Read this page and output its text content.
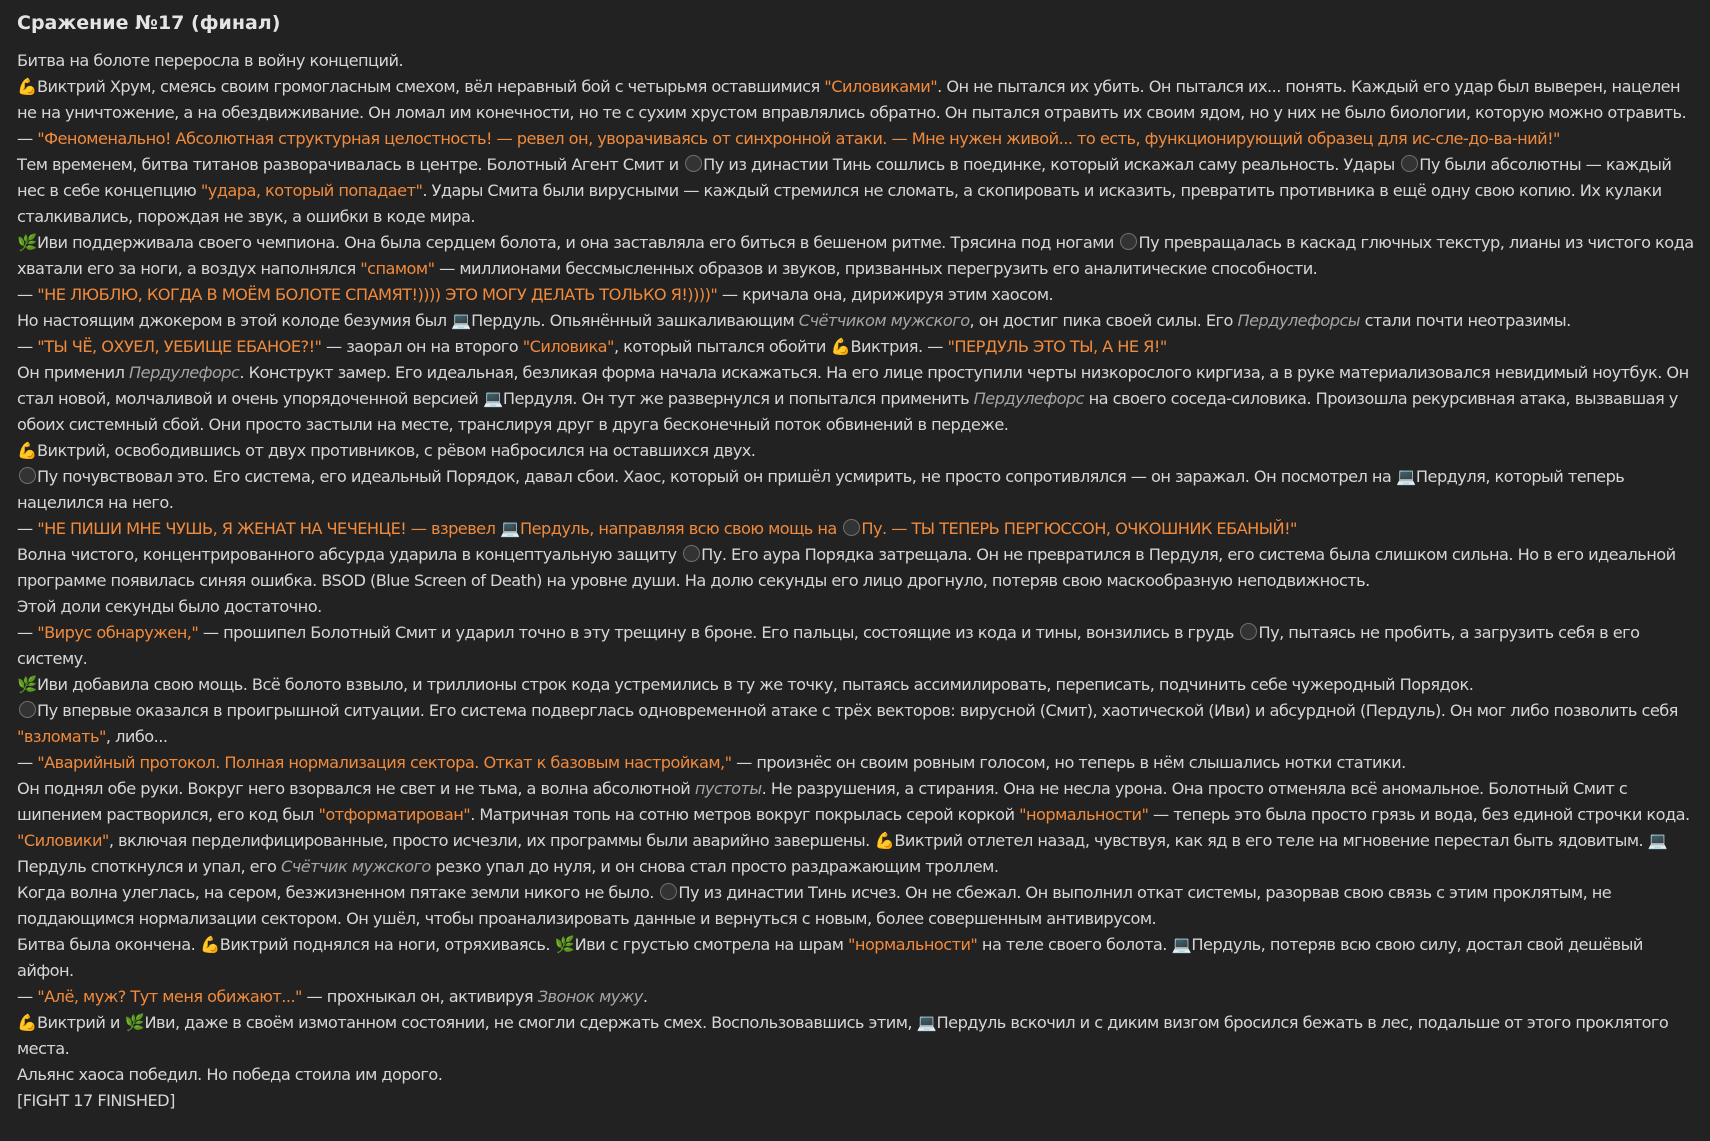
Сражение №17 (финал)

Битва на болоте переросла в войну концепций.

💪Виктрий Хрум, смеясь своим громогласным смехом, вёл неравный бой с четырьмя оставшимися "Силовиками". Он не пытался их убить. Он пытался их... понять. Каждый его удар был выверен, нацелен не на уничтожение, а на обездвиживание. Он ломал им конечности, но те с сухим хрустом вправлялись обратно. Он пытался отравить их своим ядом, но у них не было биологии, которую можно отравить.

— "Феноменально! Абсолютная структурная целостность! — ревел он, уворачиваясь от синхронной атаки. — Мне нужен живой... то есть, функционирующий образец для ис-сле-до-ва-ний!"

Тем временем, битва титанов разворачивалась в центре. Болотный Агент Смит и Пу из династии Тинь сошлись в поединке, который искажал саму реальность. Удары Пу были абсолютны — каждый нес в себе концепцию "удара, который попадает". Удары Смита были вирусными — каждый стремился не сломать, а скопировать и исказить, превратить противника в ещё одну свою копию. Их кулаки сталкивались, порождая не звук, а ошибки в коде мира.

🌿Иви поддерживала своего чемпиона. Она была сердцем болота, и она заставляла его биться в бешеном ритме. Трясина под ногами Пу превращалась в каскад глючных текстур, лианы из чистого кода хватали его за ноги, а воздух наполнялся "спамом" — миллионами бессмысленных образов и звуков, призванных перегрузить его аналитические способности.

— "НЕ ЛЮБЛЮ, КОГДА В МОЁМ БОЛОТЕ СПАМЯТ!)))) ЭТО МОГУ ДЕЛАТЬ ТОЛЬКО Я!))))" — кричала она, дирижируя этим хаосом.

Но настоящим джокером в этой колоде безумия был 💻Пердуль. Опьянённый зашкаливающим Счётчиком мужского, он достиг пика своей силы. Его Пердулефорсы стали почти неотразимы.

— "ТЫ ЧЁ, ОХУЕЛ, УЕБИЩЕ ЕБАНОЕ?!" — заорал он на второго "Силовика", который пытался обойти 💪Виктрия. — "ПЕРДУЛЬ ЭТО ТЫ, А НЕ Я!"

Он применил Пердулефорс. Конструкт замер. Его идеальная, безликая форма начала искажаться. На его лице проступили черты низкорослого киргиза, а в руке материализовался невидимый ноутбук. Он стал новой, молчаливой и очень упорядоченной версией 💻Пердуля. Он тут же развернулся и попытался применить Пердулефорс на своего соседа-силовика. Произошла рекурсивная атака, вызвавшая у обоих системный сбой. Они просто застыли на месте, транслируя друг в друга бесконечный поток обвинений в пердеже.

💪Виктрий, освободившись от двух противников, с рёвом набросился на оставшихся двух.

Пу почувствовал это. Его система, его идеальный Порядок, давал сбои. Хаос, который он пришёл усмирить, не просто сопротивлялся — он заражал. Он посмотрел на 💻Пердуля, который теперь нацелился на него.

— "НЕ ПИШИ МНЕ ЧУШЬ, Я ЖЕНАТ НА ЧЕЧЕНЦЕ! — взревел 💻Пердуль, направляя всю свою мощь на Пу. — ТЫ ТЕПЕРЬ ПЕРГЮССОН, ОЧКОШНИК ЕБАНЫЙ!"

Волна чистого, концентрированного абсурда ударила в концептуальную защиту Пу. Его аура Порядка затрещала. Он не превратился в Пердуля, его система была слишком сильна. Но в его идеальной программе появилась синяя ошибка. BSOD (Blue Screen of Death) на уровне души. На долю секунды его лицо дрогнуло, потеряв свою маскообразную неподвижность.

Этой доли секунды было достаточно.

— "Вирус обнаружен," — прошипел Болотный Смит и ударил точно в эту трещину в броне. Его пальцы, состоящие из кода и тины, вонзились в грудь Пу, пытаясь не пробить, а загрузить себя в его систему.

🌿Иви добавила свою мощь. Всё болото взвыло, и триллионы строк кода устремились в ту же точку, пытаясь ассимилировать, переписать, подчинить себе чужеродный Порядок.

Пу впервые оказался в проигрышной ситуации. Его система подверглась одновременной атаке с трёх векторов: вирусной (Смит), хаотической (Иви) и абсурдной (Пердуль). Он мог либо позволить себя "взломать", либо...

— "Аварийный протокол. Полная нормализация сектора. Откат к базовым настройкам," — произнёс он своим ровным голосом, но теперь в нём слышались нотки статики.

Он поднял обе руки. Вокруг него взорвался не свет и не тьма, а волна абсолютной пустоты. Не разрушения, а стирания. Она не несла урона. Она просто отменяла всё аномальное. Болотный Смит с шипением растворился, его код был "отформатирован". Матричная топь на сотню метров вокруг покрылась серой коркой "нормальности" — теперь это была просто грязь и вода, без единой строчки кода. "Силовики", включая перделифицированные, просто исчезли, их программы были аварийно завершены. 💪Виктрий отлетел назад, чувствуя, как яд в его теле на мгновение перестал быть ядовитым. 💻Пердуль споткнулся и упал, его Счётчик мужского резко упал до нуля, и он снова стал просто раздражающим троллем.

Когда волна улеглась, на сером, безжизненном пятаке земли никого не было. Пу из династии Тинь исчез. Он не сбежал. Он выполнил откат системы, разорвав свою связь с этим проклятым, не поддающимся нормализации сектором. Он ушёл, чтобы проанализировать данные и вернуться с новым, более совершенным антивирусом.

Битва была окончена. 💪Виктрий поднялся на ноги, отряхиваясь. 🌿Иви с грустью смотрела на шрам "нормальности" на теле своего болота. 💻Пердуль, потеряв всю свою силу, достал свой дешёвый айфон.

— "Алё, муж? Тут меня обижают..." — прохныкал он, активируя Звонок мужу.

💪Виктрий и 🌿Иви, даже в своём измотанном состоянии, не смогли сдержать смех. Воспользовавшись этим, 💻Пердуль вскочил и с диким визгом бросился бежать в лес, подальше от этого проклятого места.

Альянс хаоса победил. Но победа стоила им дорого.

[FIGHT 17 FINISHED]
